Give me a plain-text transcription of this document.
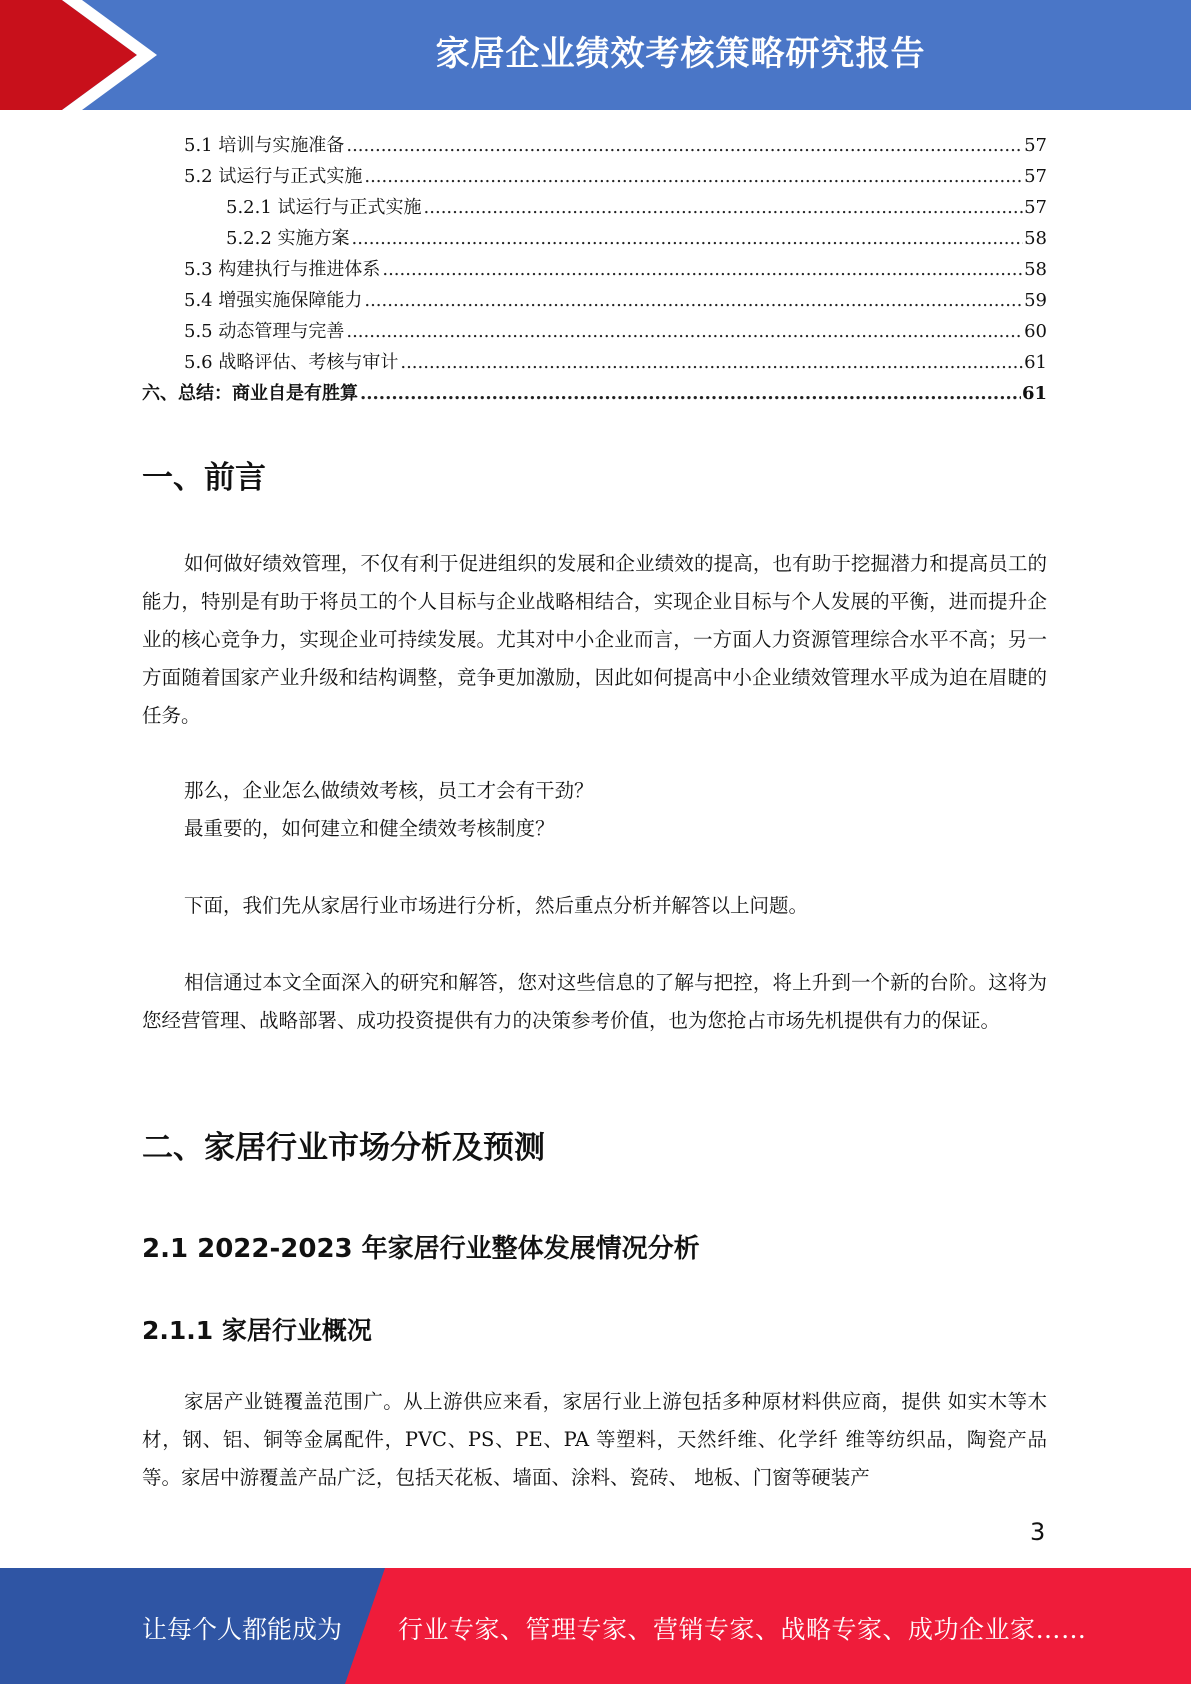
家居企业绩效考核策略研究报告
5.1 培训与实施准备 .....	57
5.2 试运行与正式实施 .....	57
5.2.1 试运行与正式实施 .....	57
5.2.2 实施方案 .....	58
5.3 构建执行与推进体系 .....	58
5.4 增强实施保障能力 .....	59
5.5 动态管理与完善 .....	60
5.6 战略评估、考核与审计 .....	61
六、总结：商业自是有胜算 .....	61
一、前言

如何做好绩效管理，不仅有利于促进组织的发展和企业绩效的提高，也有助于挖掘潜力和提高员工的能力，特别是有助于将员工的个人目标与企业战略相结合，实现企业目标与个人发展的平衡，进而提升企业的核心竞争力，实现企业可持续发展。尤其对中小企业而言，一方面人力资源管理综合水平不高；另一方面随着国家产业升级和结构调整，竞争更加激励，因此如何提高中小企业绩效管理水平成为迫在眉睫的任务。

那么，企业怎么做绩效考核，员工才会有干劲？

最重要的，如何建立和健全绩效考核制度？

下面，我们先从家居行业市场进行分析，然后重点分析并解答以上问题。

相信通过本文全面深入的研究和解答，您对这些信息的了解与把控，将上升到一个新的台阶。这将为您经营管理、战略部署、成功投资提供有力的决策参考价值，也为您抢占市场先机提供有力的保证。

二、家居行业市场分析及预测
2.1 2022-2023 年家居行业整体发展情况分析
2.1.1 家居行业概况

家居产业链覆盖范围广。从上游供应来看，家居行业上游包括多种原材料供应商，提供 如实木等木材，钢、铝、铜等金属配件，PVC、PS、PE、PA 等塑料，天然纤维、化学纤 维等纺织品，陶瓷产品等。家居中游覆盖产品广泛，包括天花板、墙面、涂料、瓷砖、 地板、门窗等硬装产

3
让每个人都能成为 行业专家、管理专家、营销专家、战略专家、成功企业家……
